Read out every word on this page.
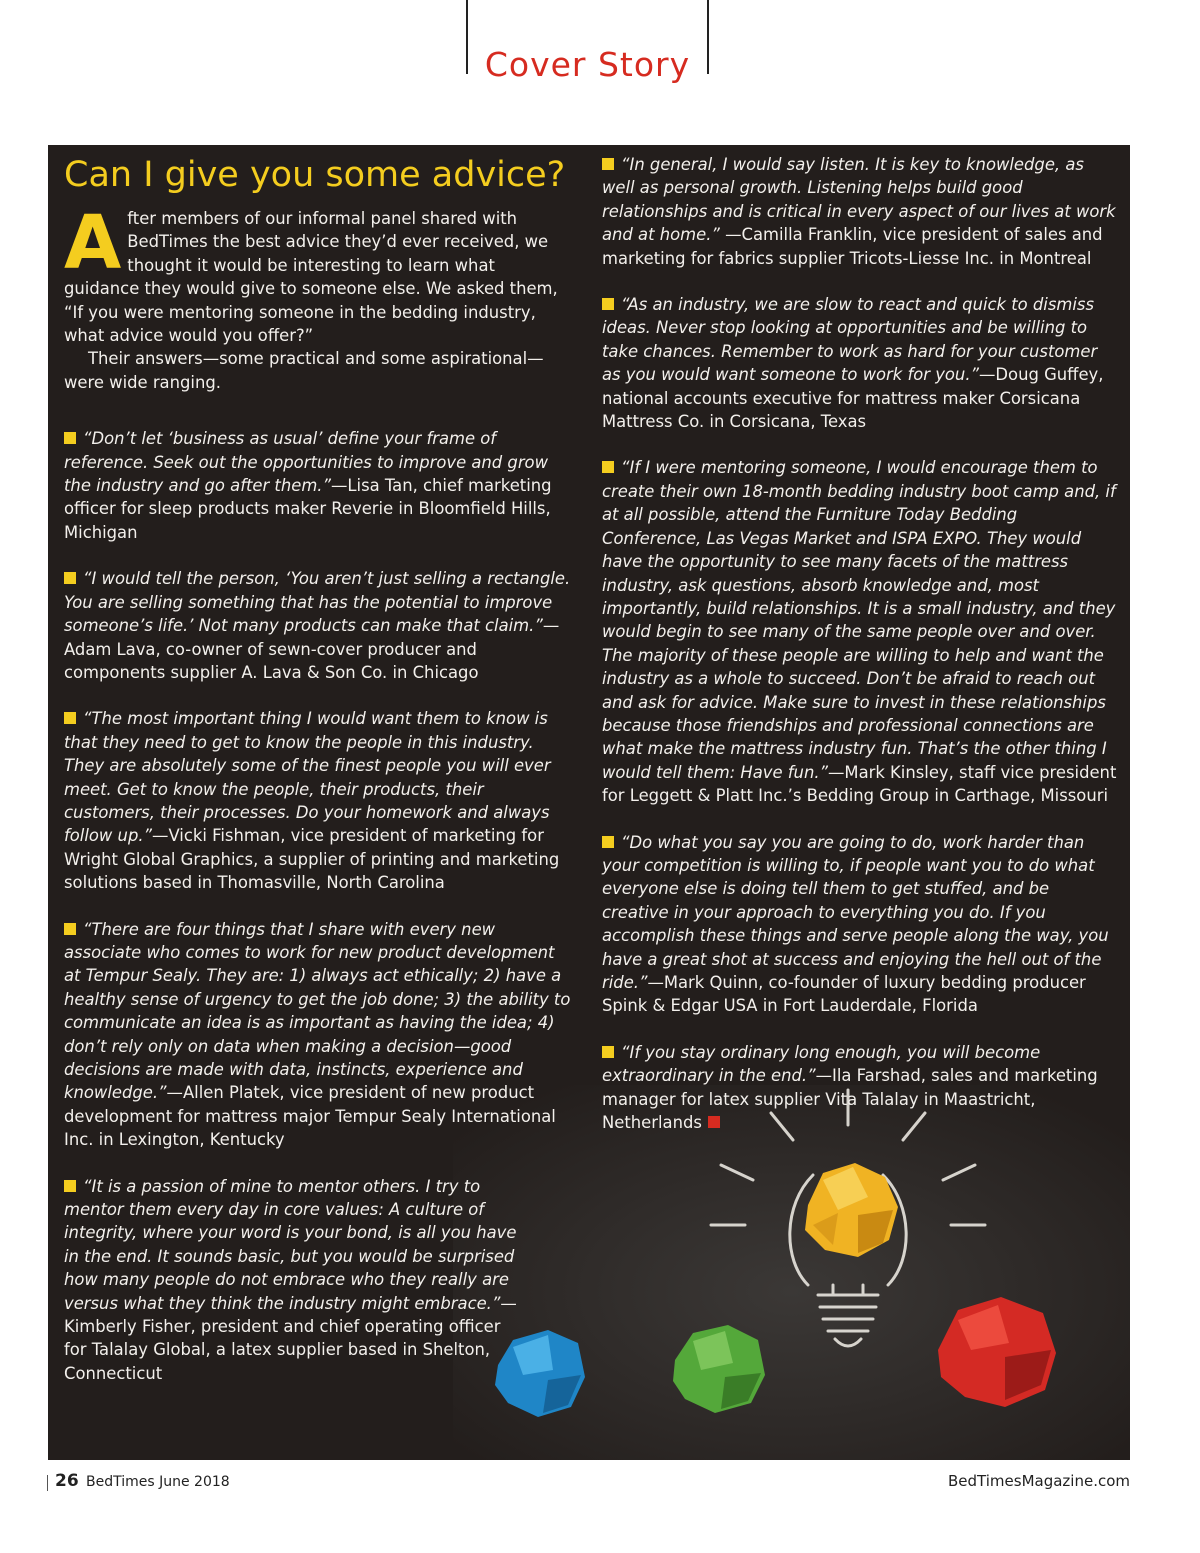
Cover Story
Can I give you some advice?
A fter members of our informal panel shared with BedTimes the best advice they’d ever received, we thought it would be interesting to learn what guidance they would give to someone else. We asked them, “If you were mentoring someone in the bedding industry, what advice would you offer?”

Their answers—some practical and some aspirational—were wide ranging.

“Don’t let ‘business as usual’ define your frame of reference. Seek out the opportunities to improve and grow the industry and go after them.”—Lisa Tan, chief marketing officer for sleep products maker Reverie in Bloomfield Hills, Michigan
“I would tell the person, ‘You aren’t just selling a rectangle. You are selling something that has the potential to improve someone’s life.’ Not many products can make that claim.”—Adam Lava, co-owner of sewn-cover producer and components supplier A. Lava & Son Co. in Chicago
“The most important thing I would want them to know is that they need to get to know the people in this industry. They are absolutely some of the finest people you will ever meet. Get to know the people, their products, their customers, their processes. Do your homework and always follow up.”—Vicki Fishman, vice president of marketing for Wright Global Graphics, a supplier of printing and marketing solutions based in Thomasville, North Carolina
“There are four things that I share with every new associate who comes to work for new product development at Tempur Sealy. They are: 1) always act ethically; 2) have a healthy sense of urgency to get the job done; 3) the ability to communicate an idea is as important as having the idea; 4) don’t rely only on data when making a decision—good decisions are made with data, instincts, experience and knowledge.”—Allen Platek, vice president of new product development for mattress major Tempur Sealy International Inc. in Lexington, Kentucky
“It is a passion of mine to mentor others. I try to mentor them every day in core values: A culture of integrity, where your word is your bond, is all you have in the end. It sounds basic, but you would be surprised how many people do not embrace who they really are versus what they think the industry might embrace.”—Kimberly Fisher, president and chief operating officer for Talalay Global, a latex supplier based in Shelton, Connecticut
“In general, I would say listen. It is key to knowledge, as well as personal growth. Listening helps build good relationships and is critical in every aspect of our lives at work and at home.” —Camilla Franklin, vice president of sales and marketing for fabrics supplier Tricots-Liesse Inc. in Montreal
“As an industry, we are slow to react and quick to dismiss ideas. Never stop looking at opportunities and be willing to take chances. Remember to work as hard for your customer as you would want someone to work for you.”—Doug Guffey, national accounts executive for mattress maker Corsicana Mattress Co. in Corsicana, Texas
“If I were mentoring someone, I would encourage them to create their own 18-month bedding industry boot camp and, if at all possible, attend the Furniture Today Bedding Conference, Las Vegas Market and ISPA EXPO. They would have the opportunity to see many facets of the mattress industry, ask questions, absorb knowledge and, most importantly, build relationships. It is a small industry, and they would begin to see many of the same people over and over. The majority of these people are willing to help and want the industry as a whole to succeed. Don’t be afraid to reach out and ask for advice. Make sure to invest in these relationships because those friendships and professional connections are what make the mattress industry fun. That’s the other thing I would tell them: Have fun.”—Mark Kinsley, staff vice president for Leggett & Platt Inc.’s Bedding Group in Carthage, Missouri
“Do what you say you are going to do, work harder than your competition is willing to, if people want you to do what everyone else is doing tell them to get stuffed, and be creative in your approach to everything you do. If you accomplish these things and serve people along the way, you have a great shot at success and enjoying the hell out of the ride.”—Mark Quinn, co-founder of luxury bedding producer Spink & Edgar USA in Fort Lauderdale, Florida
“If you stay ordinary long enough, you will become extraordinary in the end.”—Ila Farshad, sales and marketing manager for latex supplier Vita Talalay in Maastricht, Netherlands
26 BedTimes June 2018	BedTimesMagazine.com
